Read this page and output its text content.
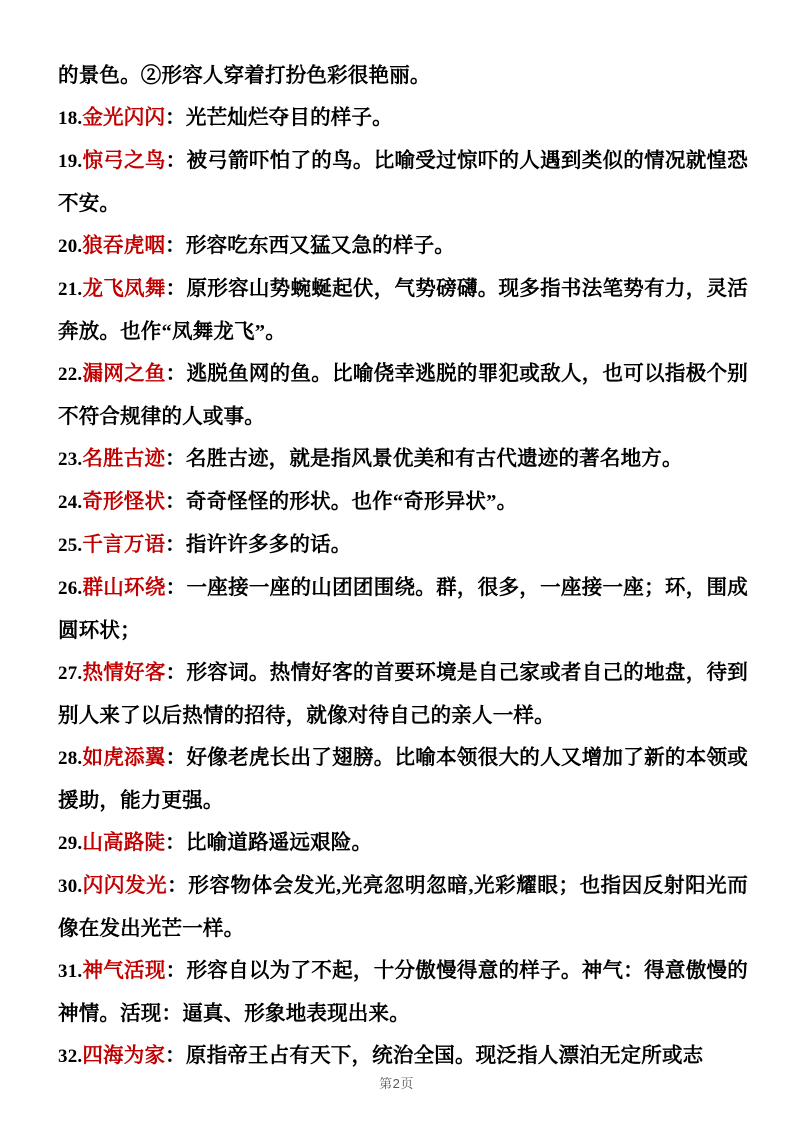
的景色。②形容人穿着打扮色彩很艳丽。

18.金光闪闪：光芒灿烂夺目的样子。

19.惊弓之鸟：被弓箭吓怕了的鸟。比喻受过惊吓的人遇到类似的情况就惶恐不安。

20.狼吞虎咽：形容吃东西又猛又急的样子。

21.龙飞凤舞：原形容山势蜿蜒起伏，气势磅礴。现多指书法笔势有力，灵活奔放。也作“凤舞龙飞”。

22.漏网之鱼：逃脱鱼网的鱼。比喻侥幸逃脱的罪犯或敌人，也可以指极个别不符合规律的人或事。

23.名胜古迹：名胜古迹，就是指风景优美和有古代遗迹的著名地方。

24.奇形怪状：奇奇怪怪的形状。也作“奇形异状”。

25.千言万语：指许许多多的话。

26.群山环绕：一座接一座的山团团围绕。群，很多，一座接一座；环，围成圆环状；

27.热情好客：形容词。热情好客的首要环境是自己家或者自己的地盘，待到别人来了以后热情的招待，就像对待自己的亲人一样。

28.如虎添翼：好像老虎长出了翅膀。比喻本领很大的人又增加了新的本领或援助，能力更强。

29.山高路陡：比喻道路遥远艰险。

30.闪闪发光：形容物体会发光,光亮忽明忽暗,光彩耀眼；也指因反射阳光而像在发出光芒一样。

31.神气活现：形容自以为了不起，十分傲慢得意的样子。神气：得意傲慢的神情。活现：逼真、形象地表现出来。

32.四海为家：原指帝王占有天下，统治全国。现泛指人漂泊无定所或志

第2页
